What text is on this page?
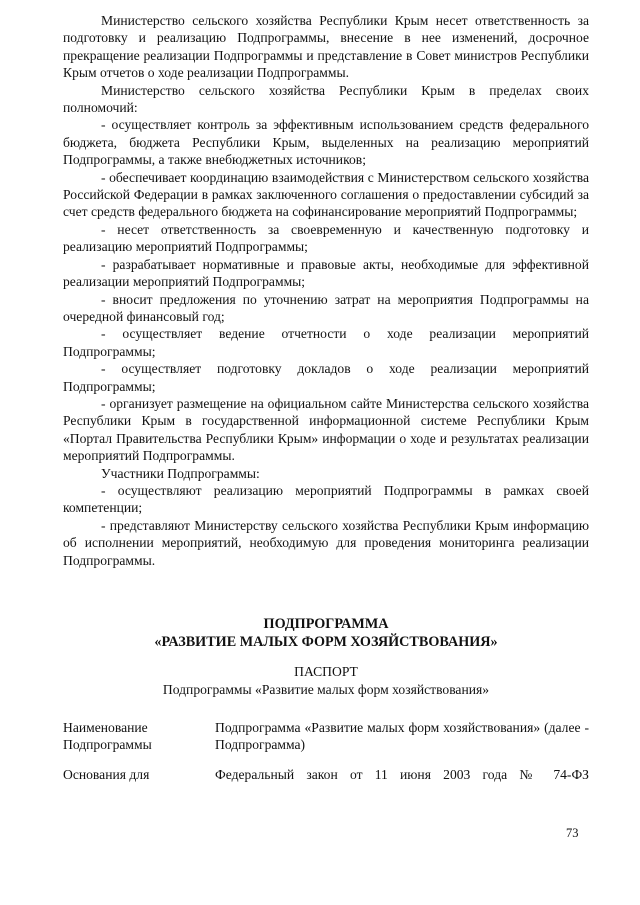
Министерство сельского хозяйства Республики Крым несет ответственность за подготовку и реализацию Подпрограммы, внесение в нее изменений, досрочное прекращение реализации Подпрограммы и представление в Совет министров Республики Крым отчетов о ходе реализации Подпрограммы.

Министерство сельского хозяйства Республики Крым в пределах своих полномочий:

- осуществляет контроль за эффективным использованием средств федерального бюджета, бюджета Республики Крым, выделенных на реализацию мероприятий Подпрограммы, а также внебюджетных источников;

- обеспечивает координацию взаимодействия с Министерством сельского хозяйства Российской Федерации в рамках заключенного соглашения о предоставлении субсидий за счет средств федерального бюджета на софинансирование мероприятий Подпрограммы;

- несет ответственность за своевременную и качественную подготовку и реализацию мероприятий Подпрограммы;

- разрабатывает нормативные и правовые акты, необходимые для эффективной реализации мероприятий Подпрограммы;

- вносит предложения по уточнению затрат на мероприятия Подпрограммы на очередной финансовый год;

- осуществляет ведение отчетности о ходе реализации мероприятий Подпрограммы;

- осуществляет подготовку докладов о ходе реализации мероприятий Подпрограммы;

- организует размещение на официальном сайте Министерства сельского хозяйства Республики Крым в государственной информационной системе Республики Крым «Портал Правительства Республики Крым» информации о ходе и результатах реализации мероприятий Подпрограммы.

Участники Подпрограммы:

- осуществляют реализацию мероприятий Подпрограммы в рамках своей компетенции;

- представляют Министерству сельского хозяйства Республики Крым информацию об исполнении мероприятий, необходимую для проведения мониторинга реализации Подпрограммы.

ПОДПРОГРАММА

«РАЗВИТИЕ МАЛЫХ ФОРМ ХОЗЯЙСТВОВАНИЯ»

ПАСПОРТ

Подпрограммы «Развитие малых форм хозяйствования»

Наименование
Подпрограммы
Подпрограмма «Развитие малых форм хозяйствования» (далее - Подпрограмма)
Основания для	Федеральный закон от 11 июня 2003 года № 74-ФЗ
73
